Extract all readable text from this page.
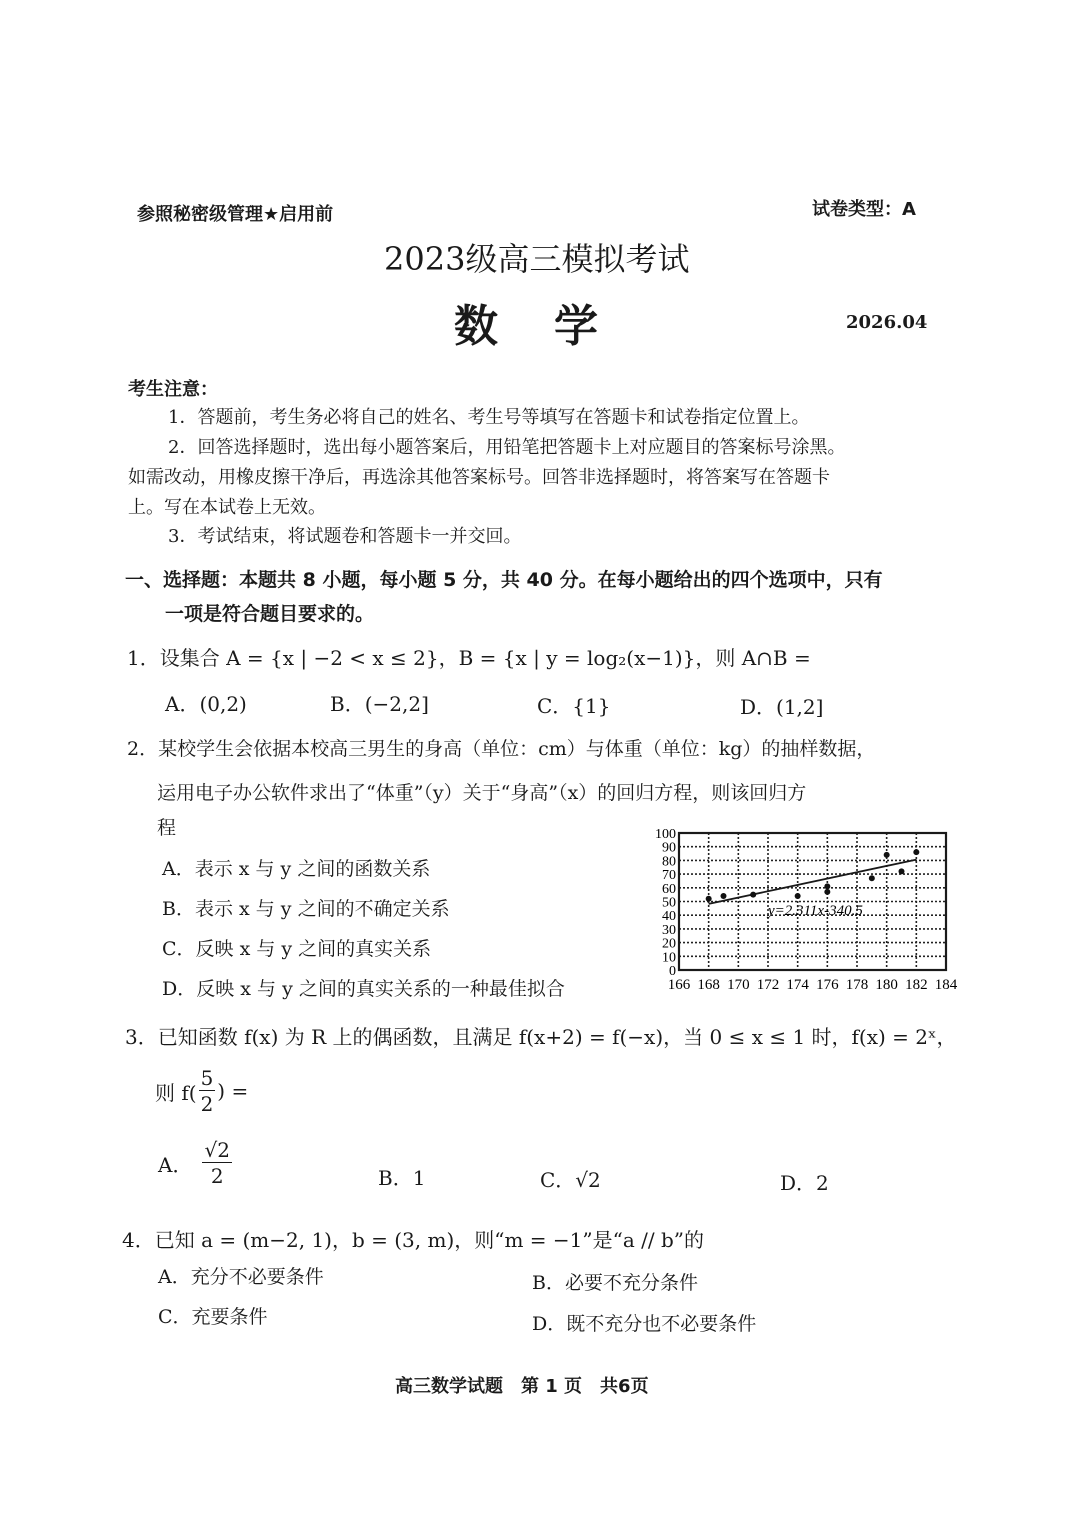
参照秘密级管理★启用前	试卷类型：A
2023级高三模拟考试
数　学	2026.04
考生注意：
1．答题前，考生务必将自己的姓名、考生号等填写在答题卡和试卷指定位置上。
2．回答选择题时，选出每小题答案后，用铅笔把答题卡上对应题目的答案标号涂黑。
如需改动，用橡皮擦干净后，再选涂其他答案标号。回答非选择题时，将答案写在答题卡
上。写在本试卷上无效。
3．考试结束，将试题卷和答题卡一并交回。
一、选择题：本题共 8 小题，每小题 5 分，共 40 分。在每小题给出的四个选项中，只有
一项是符合题目要求的。
1．设集合 A = {x | −2 < x ≤ 2}，B = {x | y = log₂(x−1)}，则 A∩B =
A．(0,2)	B．(−2,2]	C．{1}	D．(1,2]
2．某校学生会依据本校高三男生的身高（单位：cm）与体重（单位：kg）的抽样数据，
运用电子办公软件求出了“体重”（y）关于“身高”（x）的回归方程，则该回归方
程
A．表示 x 与 y 之间的函数关系
B．表示 x 与 y 之间的不确定关系
C．反映 x 与 y 之间的真实关系
D．反映 x 与 y 之间的真实关系的一种最佳拟合
0
10
20
30
40
50
60
70
80
90
100
166 168 170 172 174 176 178 180 182 184
y=2.311x-340.5
3．已知函数 f(x) 为 R 上的偶函数，且满足 f(x+2) = f(−x)，当 0 ≤ x ≤ 1 时，f(x) = 2ˣ，
则 $f( \frac{5}{2}$ ) =
A． $\frac{√2}{2}$	B．1	C．√2	D．2
4．已知 a = (m−2, 1)，b = (3, m)，则“m = −1”是“a // b”的
A．充分不必要条件	B．必要不充分条件
C．充要条件	D．既不充分也不必要条件
高三数学试题　第 1 页　共6页
